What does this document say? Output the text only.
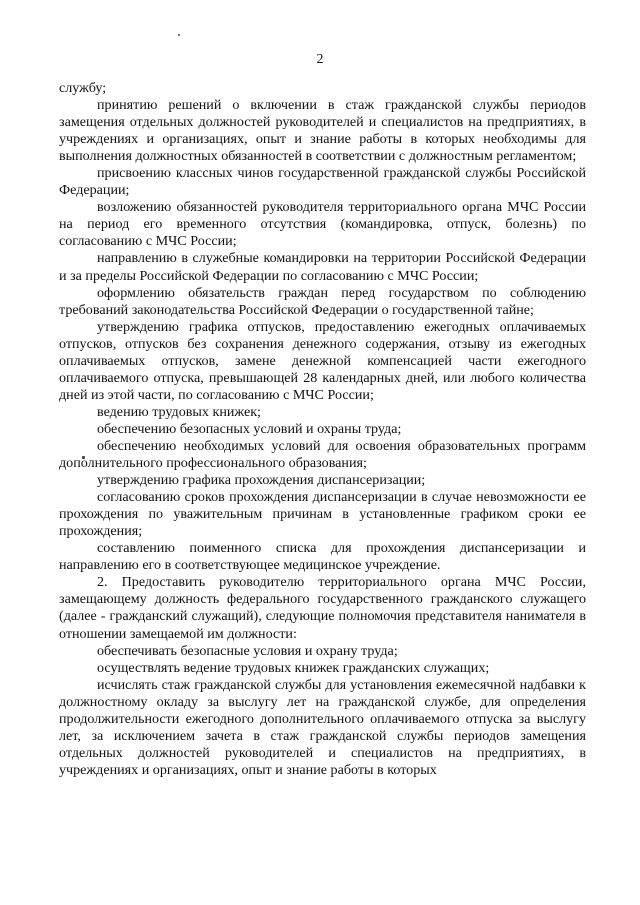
2

службу;

принятию решений о включении в стаж гражданской службы периодов замещения отдельных должностей руководителей и специалистов на предприятиях, в учреждениях и организациях, опыт и знание работы в которых необходимы для выполнения должностных обязанностей в соответствии с должностным регламентом;

присвоению классных чинов государственной гражданской службы Российской Федерации;

возложению обязанностей руководителя территориального органа МЧС России на период его временного отсутствия (командировка, отпуск, болезнь) по согласованию с МЧС России;

направлению в служебные командировки на территории Российской Федерации и за пределы Российской Федерации по согласованию с МЧС России;

оформлению обязательств граждан перед государством по соблюдению требований законодательства Российской Федерации о государственной тайне;

утверждению графика отпусков, предоставлению ежегодных оплачиваемых отпусков, отпусков без сохранения денежного содержания, отзыву из ежегодных оплачиваемых отпусков, замене денежной компенсацией части ежегодного оплачиваемого отпуска, превышающей 28 календарных дней, или любого количества дней из этой части, по согласованию с МЧС России;

ведению трудовых книжек;

обеспечению безопасных условий и охраны труда;

обеспечению необходимых условий для освоения образовательных программ дополнительного профессионального образования;

утверждению графика прохождения диспансеризации;

согласованию сроков прохождения диспансеризации в случае невозможности ее прохождения по уважительным причинам в установленные графиком сроки ее прохождения;

составлению поименного списка для прохождения диспансеризации и направлению его в соответствующее медицинское учреждение.

2. Предоставить руководителю территориального органа МЧС России, замещающему должность федерального государственного гражданского служащего (далее - гражданский служащий), следующие полномочия представителя нанимателя в отношении замещаемой им должности:

обеспечивать безопасные условия и охрану труда;

осуществлять ведение трудовых книжек гражданских служащих;

исчислять стаж гражданской службы для установления ежемесячной надбавки к должностному окладу за выслугу лет на гражданской службе, для определения продолжительности ежегодного дополнительного оплачиваемого отпуска за выслугу лет, за исключением зачета в стаж гражданской службы периодов замещения отдельных должностей руководителей и специалистов на предприятиях, в учреждениях и организациях, опыт и знание работы в которых
